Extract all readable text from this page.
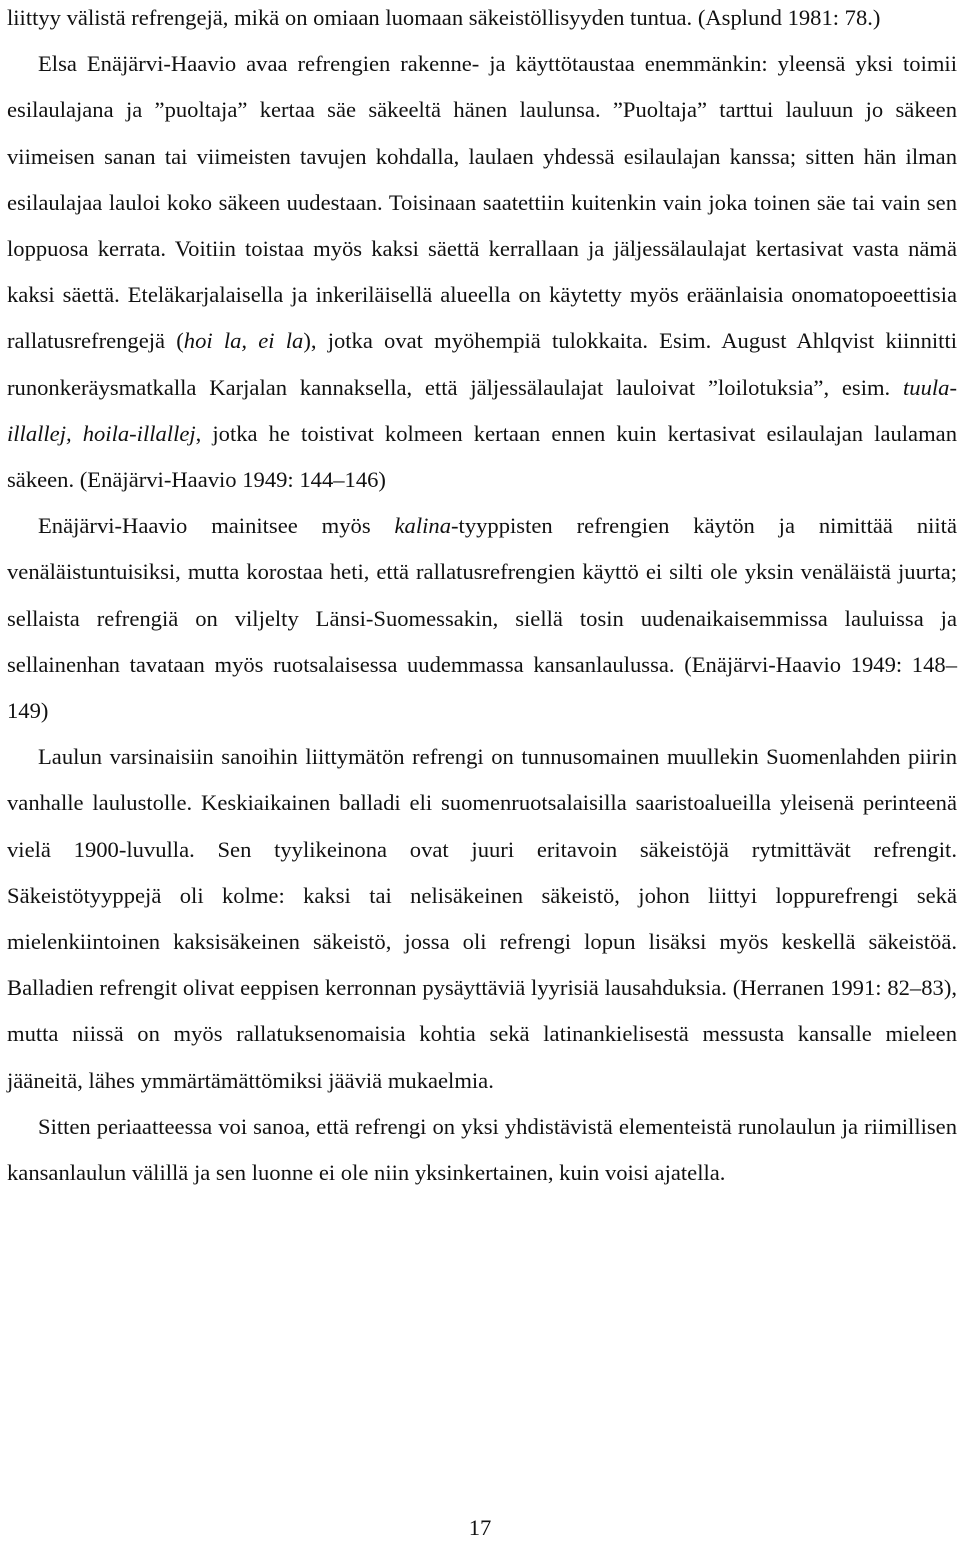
liittyy välistä refrengejä, mikä on omiaan luomaan säkeistöllisyyden tuntua. (Asplund 1981: 78.)

Elsa Enäjärvi-Haavio avaa refrengien rakenne- ja käyttötaustaa enemmänkin: yleensä yksi toimii esilaulajana ja ”puoltaja” kertaa säe säkeeltä hänen laulunsa. ”Puoltaja” tarttui lauluun jo säkeen viimeisen sanan tai viimeisten tavujen kohdalla, laulaen yhdessä esilaulajan kanssa; sitten hän ilman esilaulajaa lauloi koko säkeen uudestaan. Toisinaan saatettiin kuitenkin vain joka toinen säe tai vain sen loppuosa kerrata. Voitiin toistaa myös kaksi säettä kerrallaan ja jäljessälaulajat kertasivat vasta nämä kaksi säettä. Eteläkarjalaisella ja inkeriläisellä alueella on käytetty myös eräänlaisia onomatopoeettisia rallatusrefrengejä (hoi la, ei la), jotka ovat myöhempiä tulokkaita. Esim. August Ahlqvist kiinnitti runonkeräysmatkalla Karjalan kannaksella, että jäljessälaulajat lauloivat ”loilotuksia”, esim. tuula-illallej, hoila-illallej, jotka he toistivat kolmeen kertaan ennen kuin kertasivat esilaulajan laulaman säkeen. (Enäjärvi-Haavio 1949: 144–146)

Enäjärvi-Haavio mainitsee myös kalina-tyyppisten refrengien käytön ja nimittää niitä venäläistuntuisiksi, mutta korostaa heti, että rallatusrefrengien käyttö ei silti ole yksin venäläistä juurta; sellaista refrengiä on viljelty Länsi-Suomessakin, siellä tosin uudenaikaisemmissa lauluissa ja sellainenhan tavataan myös ruotsalaisessa uudemmassa kansanlaulussa. (Enäjärvi-Haavio 1949: 148–149)

Laulun varsinaisiin sanoihin liittymätön refrengi on tunnusomainen muullekin Suomenlahden piirin vanhalle laulustolle. Keskiaikainen balladi eli suomenruotsalaisilla saaristoalueilla yleisenä perinteenä vielä 1900-luvulla. Sen tyylikeinona ovat juuri eritavoin säkeistöjä rytmittävät refrengit. Säkeistötyyppejä oli kolme: kaksi tai nelisäkeinen säkeistö, johon liittyi loppurefrengi sekä mielenkiintoinen kaksisäkeinen säkeistö, jossa oli refrengi lopun lisäksi myös keskellä säkeistöä. Balladien refrengit olivat eeppisen kerronnan pysäyttäviä lyyrisiä lausahduksia. (Herranen 1991: 82–83), mutta niissä on myös rallatuksenomaisia kohtia sekä latinankielisestä messusta kansalle mieleen jääneitä, lähes ymmärtämättömiksi jääviä mukaelmia.

Sitten periaatteessa voi sanoa, että refrengi on yksi yhdistävistä elementeistä runolaulun ja riimillisen kansanlaulun välillä ja sen luonne ei ole niin yksinkertainen, kuin voisi ajatella.

17
